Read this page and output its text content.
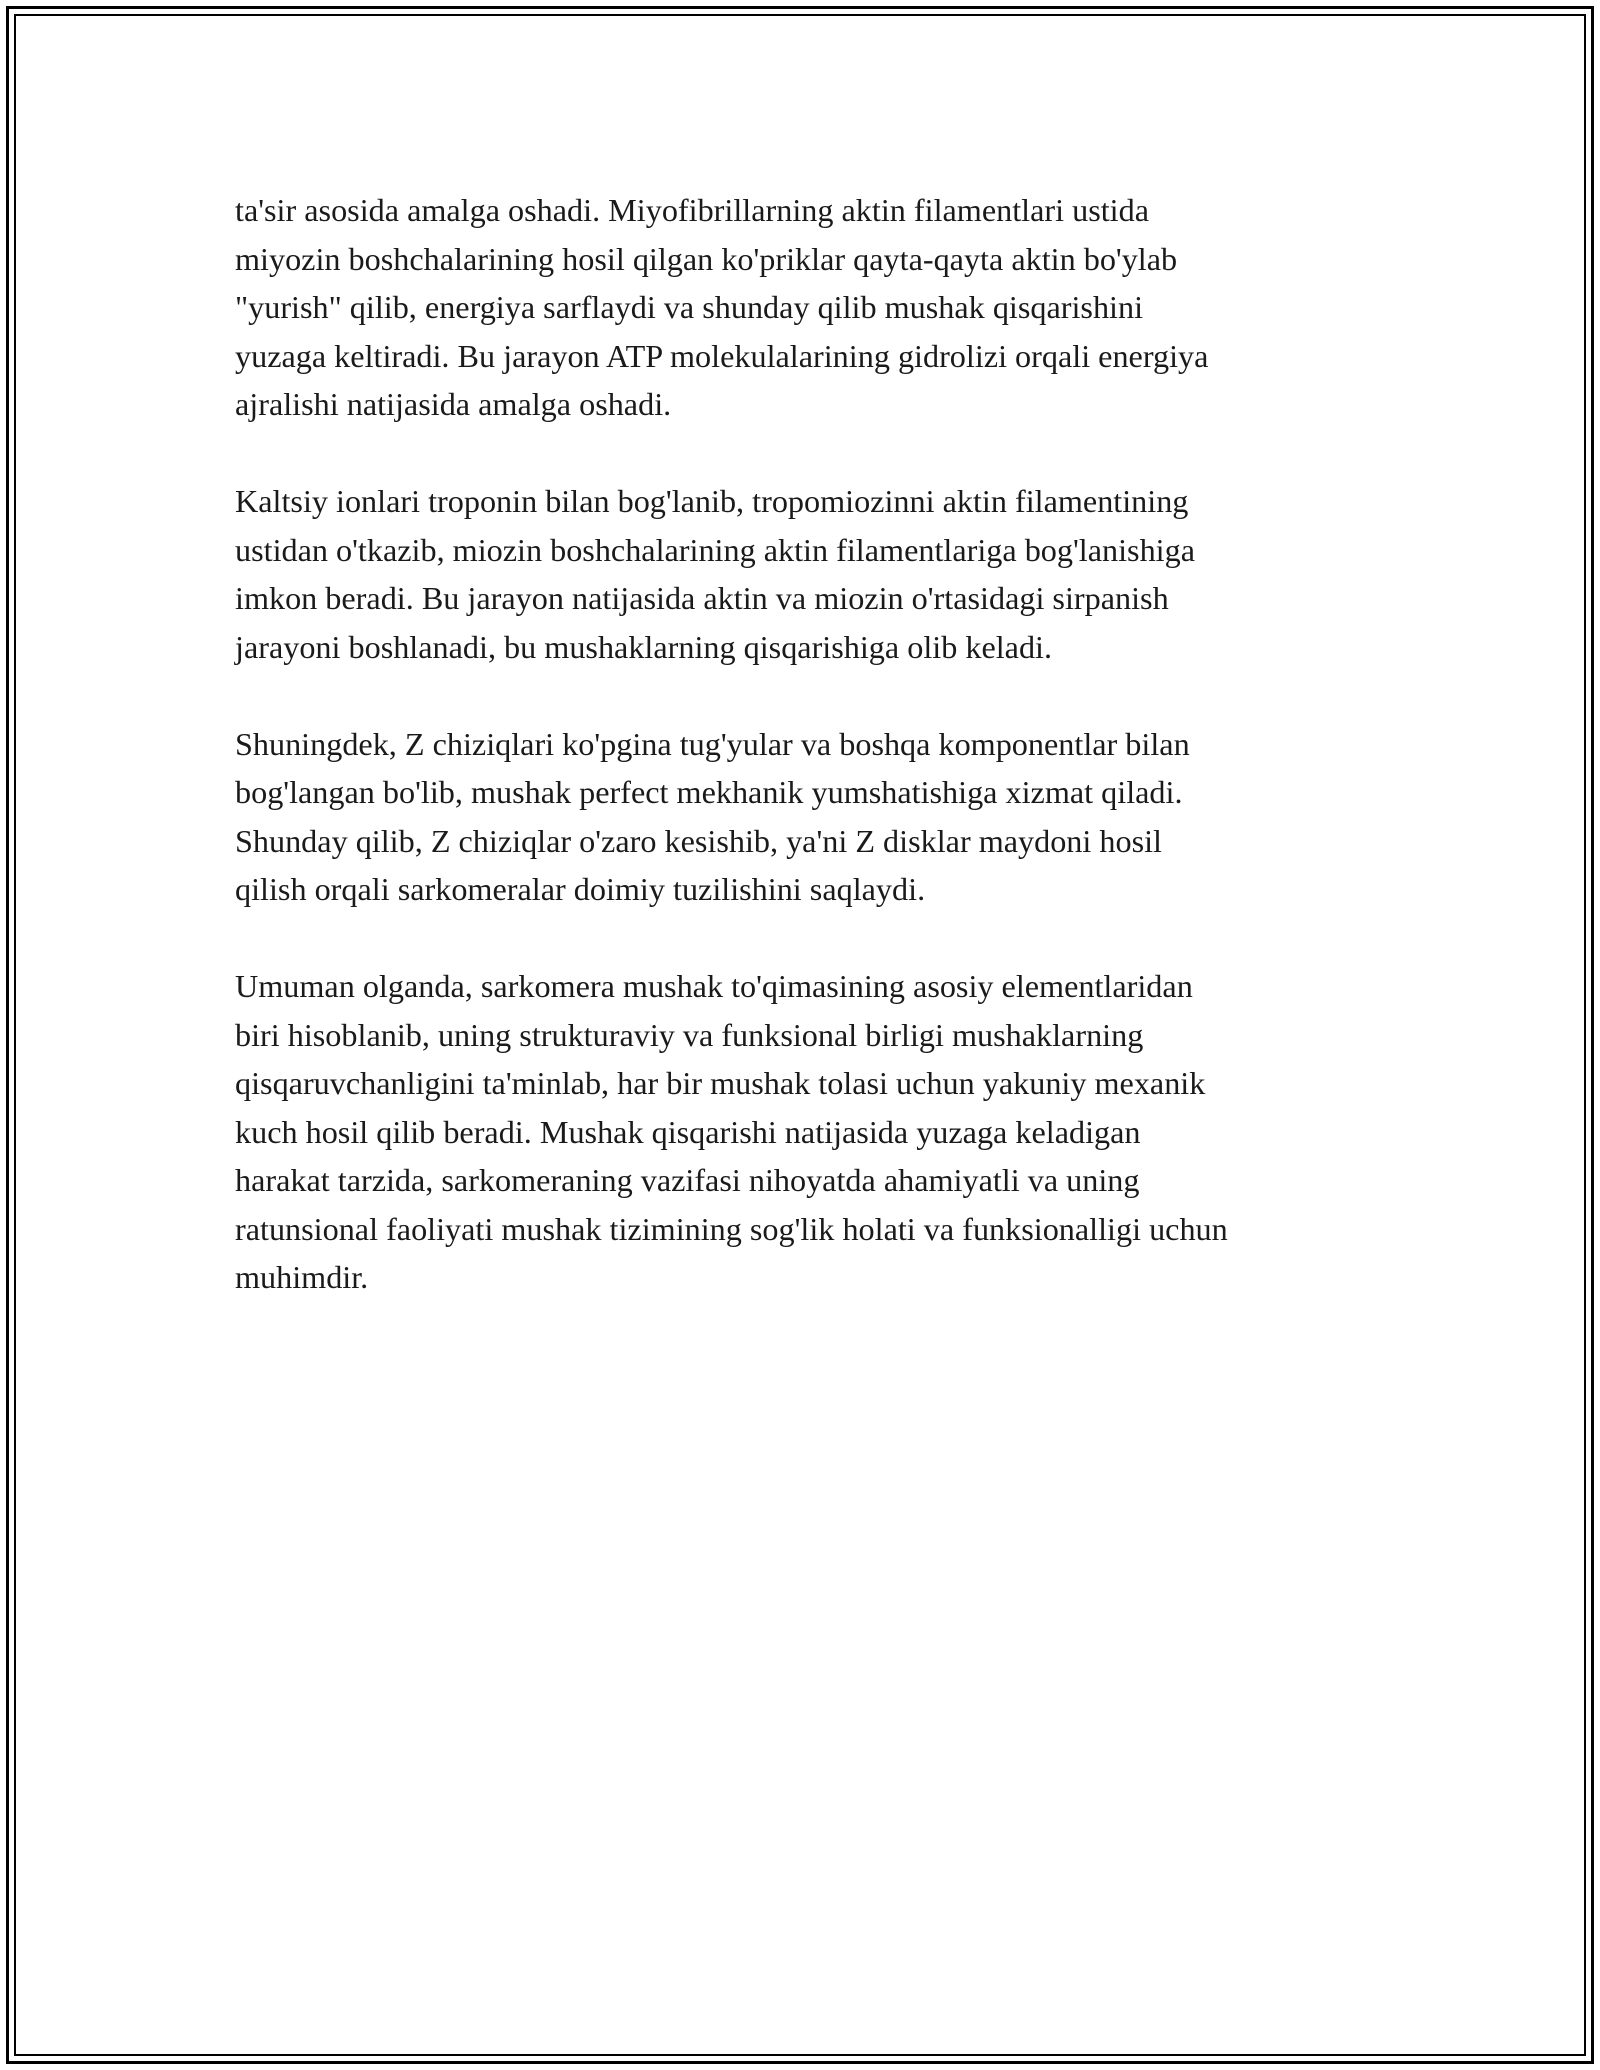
ta'sir asosida amalga oshadi. Miyofibrillarning aktin filamentlari ustida
miyozin boshchalarining hosil qilgan ko'priklar qayta-qayta aktin bo'ylab
"yurish" qilib, energiya sarflaydi va shunday qilib mushak qisqarishini
yuzaga keltiradi. Bu jarayon ATP molekulalarining gidrolizi orqali energiya
ajralishi natijasida amalga oshadi.

Kaltsiy ionlari troponin bilan bog'lanib, tropomiozinni aktin filamentining
ustidan o'tkazib, miozin boshchalarining aktin filamentlariga bog'lanishiga
imkon beradi. Bu jarayon natijasida aktin va miozin o'rtasidagi sirpanish
jarayoni boshlanadi, bu mushaklarning qisqarishiga olib keladi.

Shuningdek, Z chiziqlari ko'pgina tug'yular va boshqa komponentlar bilan
bog'langan bo'lib, mushak perfect mekhanik yumshatishiga xizmat qiladi.
Shunday qilib, Z chiziqlar o'zaro kesishib, ya'ni Z disklar maydoni hosil
qilish orqali sarkomeralar doimiy tuzilishini saqlaydi.

Umuman olganda, sarkomera mushak to'qimasining asosiy elementlaridan
biri hisoblanib, uning strukturaviy va funksional birligi mushaklarning
qisqaruvchanligini ta'minlab, har bir mushak tolasi uchun yakuniy mexanik
kuch hosil qilib beradi. Mushak qisqarishi natijasida yuzaga keladigan
harakat tarzida, sarkomeraning vazifasi nihoyatda ahamiyatli va uning
ratunsional faoliyati mushak tizimining sog'lik holati va funksionalligi uchun
muhimdir.
